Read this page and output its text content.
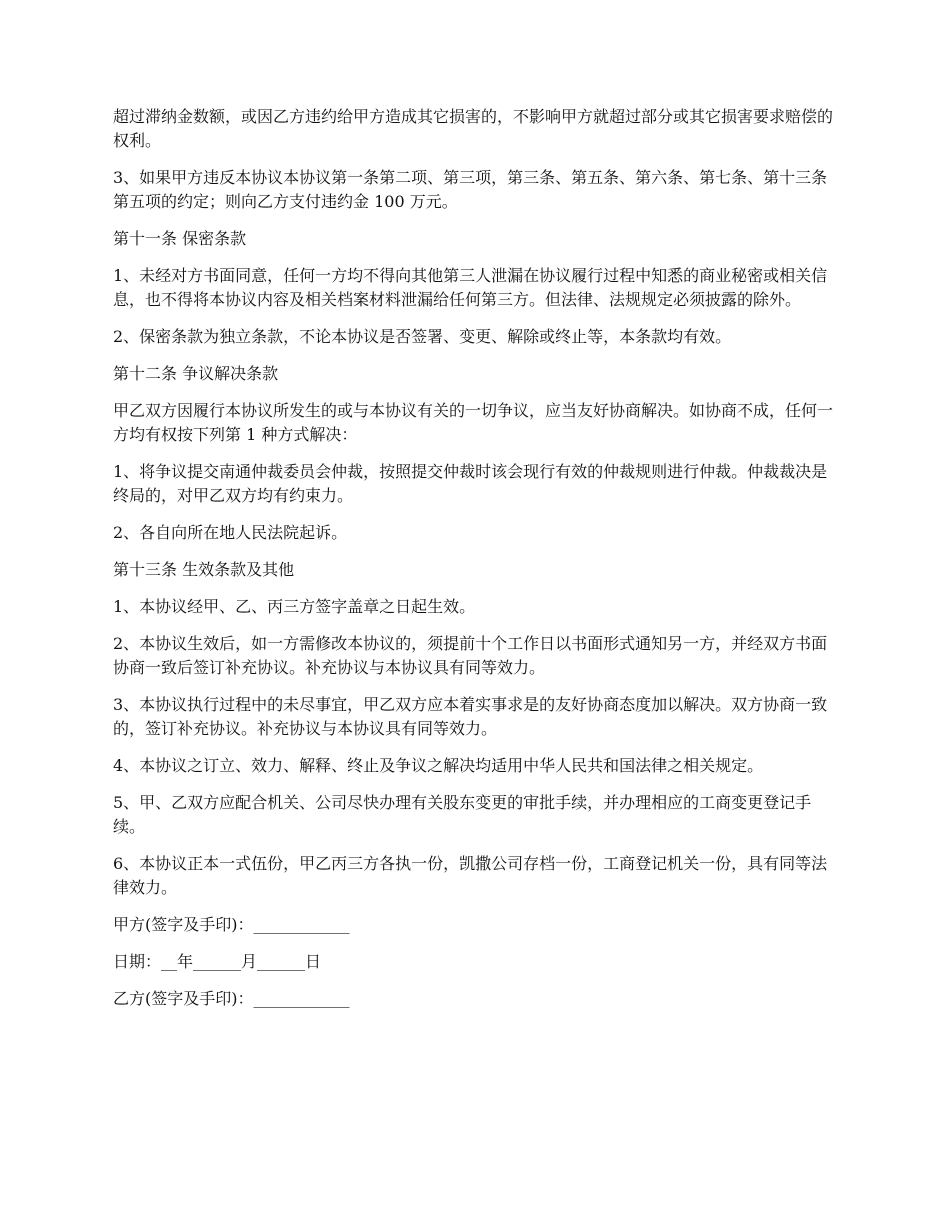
超过滞纳金数额，或因乙方违约给甲方造成其它损害的，不影响甲方就超过部分或其它损害要求赔偿的权利。

3、如果甲方违反本协议本协议第一条第二项、第三项，第三条、第五条、第六条、第七条、第十三条第五项的约定；则向乙方支付违约金 100 万元。

第十一条 保密条款

1、未经对方书面同意，任何一方均不得向其他第三人泄漏在协议履行过程中知悉的商业秘密或相关信息，也不得将本协议内容及相关档案材料泄漏给任何第三方。但法律、法规规定必须披露的除外。

2、保密条款为独立条款，不论本协议是否签署、变更、解除或终止等，本条款均有效。

第十二条 争议解决条款

甲乙双方因履行本协议所发生的或与本协议有关的一切争议，应当友好协商解决。如协商不成，任何一方均有权按下列第 1 种方式解决：

1、将争议提交南通仲裁委员会仲裁，按照提交仲裁时该会现行有效的仲裁规则进行仲裁。仲裁裁决是终局的，对甲乙双方均有约束力。

2、各自向所在地人民法院起诉。

第十三条 生效条款及其他

1、本协议经甲、乙、丙三方签字盖章之日起生效。

2、本协议生效后，如一方需修改本协议的，须提前十个工作日以书面形式通知另一方，并经双方书面协商一致后签订补充协议。补充协议与本协议具有同等效力。

3、本协议执行过程中的未尽事宜，甲乙双方应本着实事求是的友好协商态度加以解决。双方协商一致的，签订补充协议。补充协议与本协议具有同等效力。

4、本协议之订立、效力、解释、终止及争议之解决均适用中华人民共和国法律之相关规定。

5、甲、乙双方应配合机关、公司尽快办理有关股东变更的审批手续，并办理相应的工商变更登记手续。

6、本协议正本一式伍份，甲乙丙三方各执一份，凯撒公司存档一份，工商登记机关一份，具有同等法律效力。

甲方(签字及手印)：____________

日期：__年______月______日

乙方(签字及手印)：____________
